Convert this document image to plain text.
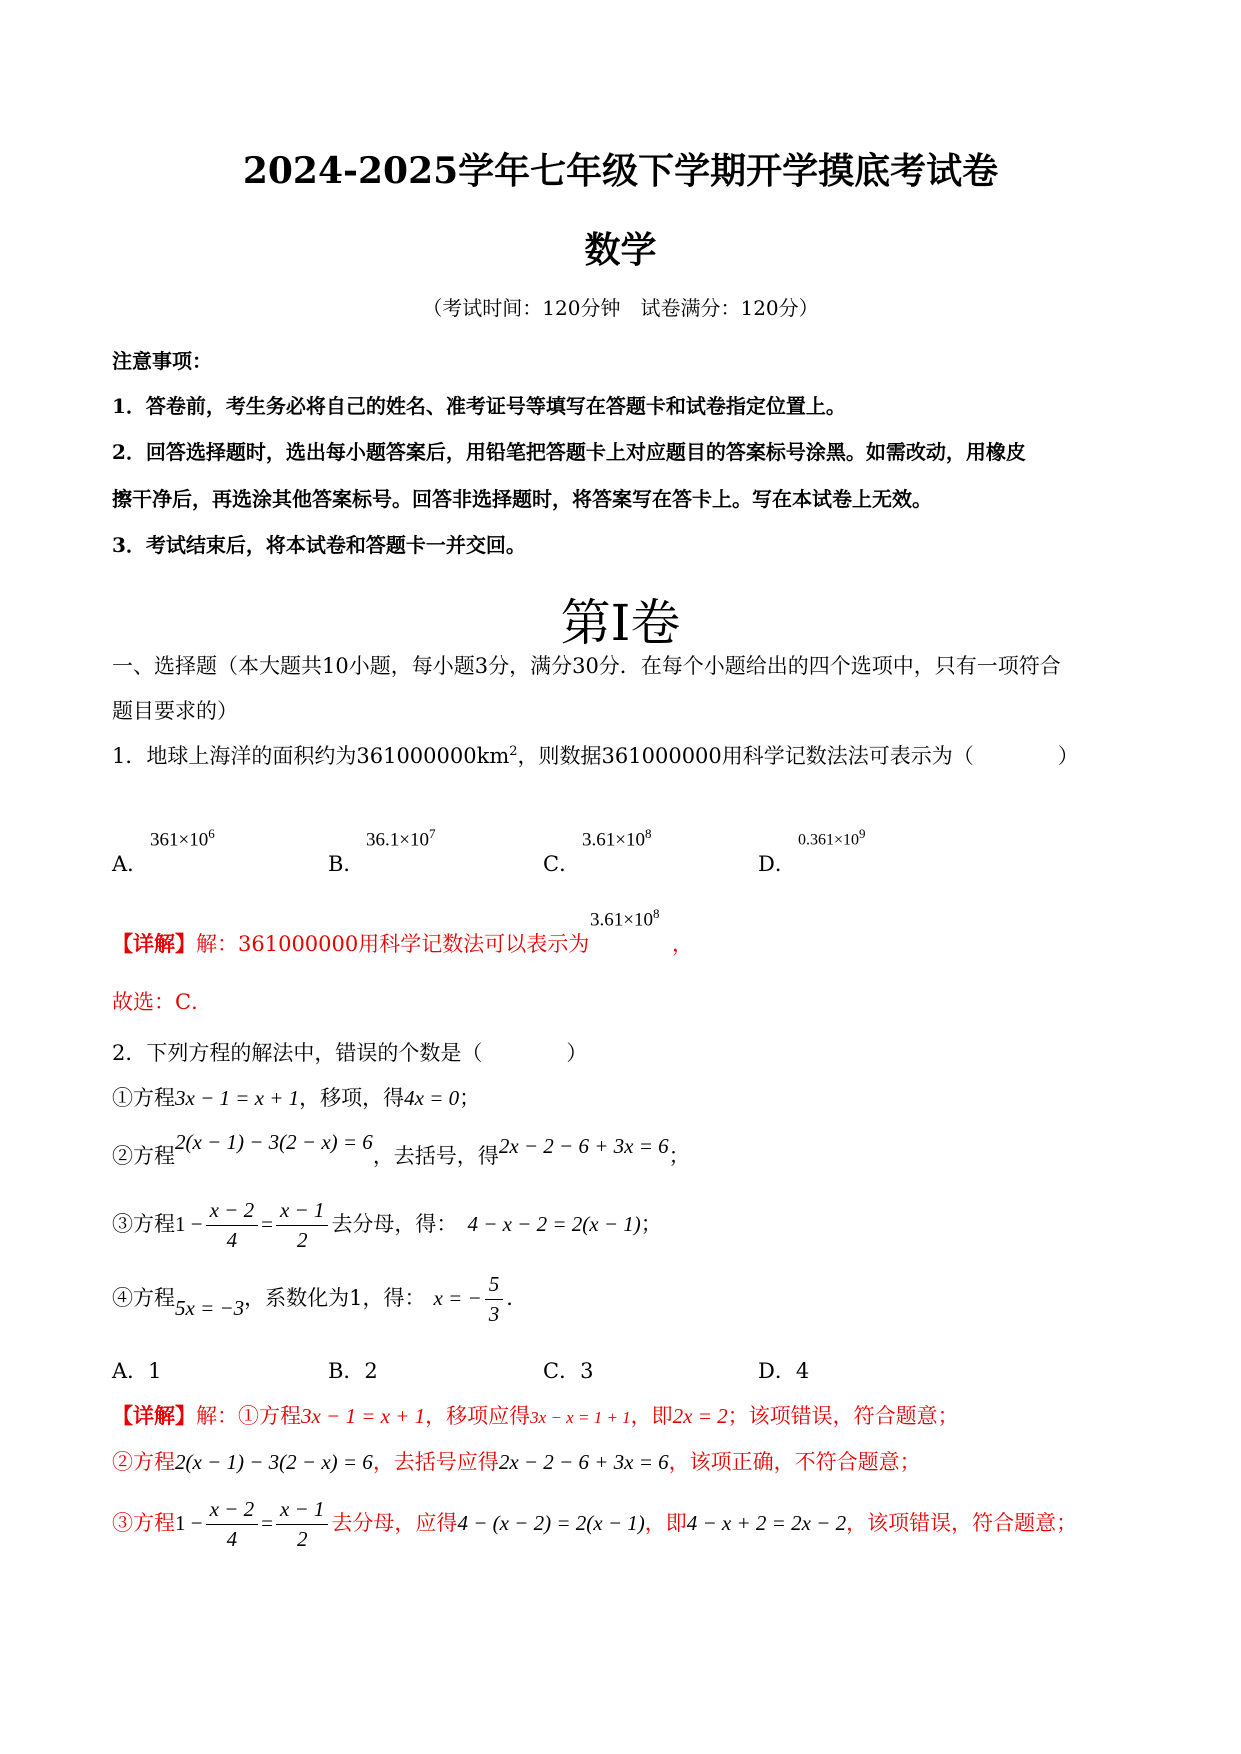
2024-2025学年七年级下学期开学摸底考试卷
数学
（考试时间：120分钟　试卷满分：120分）
注意事项：
1．答卷前，考生务必将自己的姓名、准考证号等填写在答题卡和试卷指定位置上。
2．回答选择题时，选出每小题答案后，用铅笔把答题卡上对应题目的答案标号涂黑。如需改动，用橡皮
擦干净后，再选涂其他答案标号。回答非选择题时，将答案写在答卡上。写在本试卷上无效。
3．考试结束后，将本试卷和答题卡一并交回。
第Ⅰ卷
一、选择题（本大题共10小题，每小题3分，满分30分．在每个小题给出的四个选项中，只有一项符合
题目要求的）
1．地球上海洋的面积约为$361000000km^2$，则数据361000000用科学记数法法可表示为（　　　　）
A．
$361\times 10^6$
B．
$36.1\times 10^7$
C．
$3.61\times 10^8$
D．
$0.361\times 10^9$
【详解】解：361000000用科学记数法可以表示为
$3.61\times 10^8$
，
故选：C．
2．下列方程的解法中，错误的个数是（　　　　）
①方程3x − 1 = x + 1，移项，得4x = 0；
②方程2(x − 1) − 3(2 − x) = 6，去括号，得2x − 2 − 6 + 3x = 6；
③方程$1 - \frac{x - 2}{4} = \frac{x - 1}{2}$ 去分母，得： 4 − x − 2 = 2(x − 1)；
④方程5x = −3，系数化为1，得： x = − $\frac{5}{3}$ ．
A．1	B．2	C．3	D．4
【详解】解：①方程3x − 1 = x + 1，移项应得3x − x = 1 + 1，即2x = 2；该项错误，符合题意；
②方程2(x − 1) − 3(2 − x) = 6，去括号应得2x − 2 − 6 + 3x = 6，该项正确，不符合题意；
③方程$1 - \frac{x - 2}{4} = \frac{x - 1}{2}$ 去分母，应得4 − (x − 2) = 2(x − 1)，即4 − x + 2 = 2x − 2，该项错误，符合题意；
